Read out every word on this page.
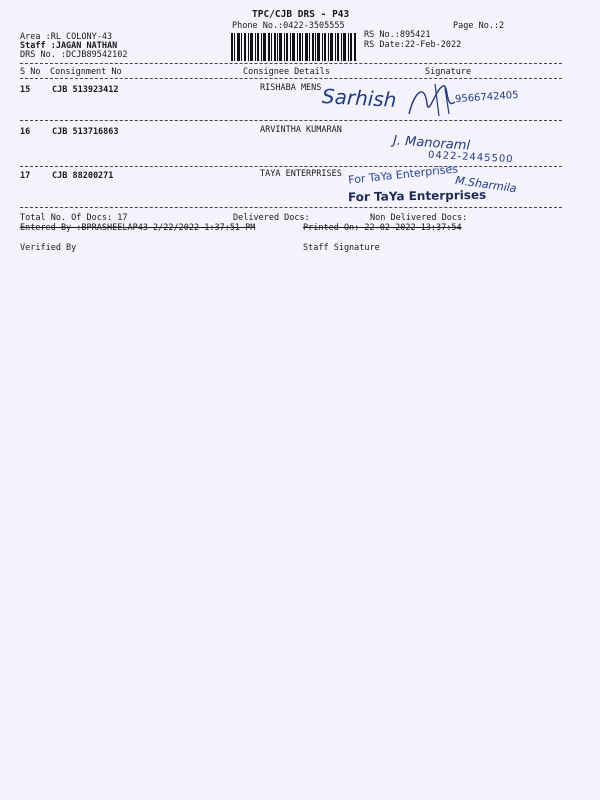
TPC/CJB DRS - P43
Phone No.:0422-3505555	Page No.:2
Area :RL COLONY-43
Staff :JAGAN NATHAN
DRS No. :DCJB89542102
RS No.:895421
RS Date:22-Feb-2022
S No Consignment No	Consignee Details	Signature
15	CJB 513923412	RISHABA MENS Sarhish	9566742405
16	CJB 513716863	ARVINTHA KUMARAN
J. Manoraml
0422-2445500
17	CJB 88200271	TAYA ENTERPRISES For TaYa Enterprises
For TaYa Enterprises
M.Sharmila
Total No. Of Docs: 17	Delivered Docs:	Non Delivered Docs:
Entered By :BPRASHEELAP43 2/22/2022 1:37:51 PM	Printed On: 22-02-2022 13:37:54
Verified By	Staff Signature
